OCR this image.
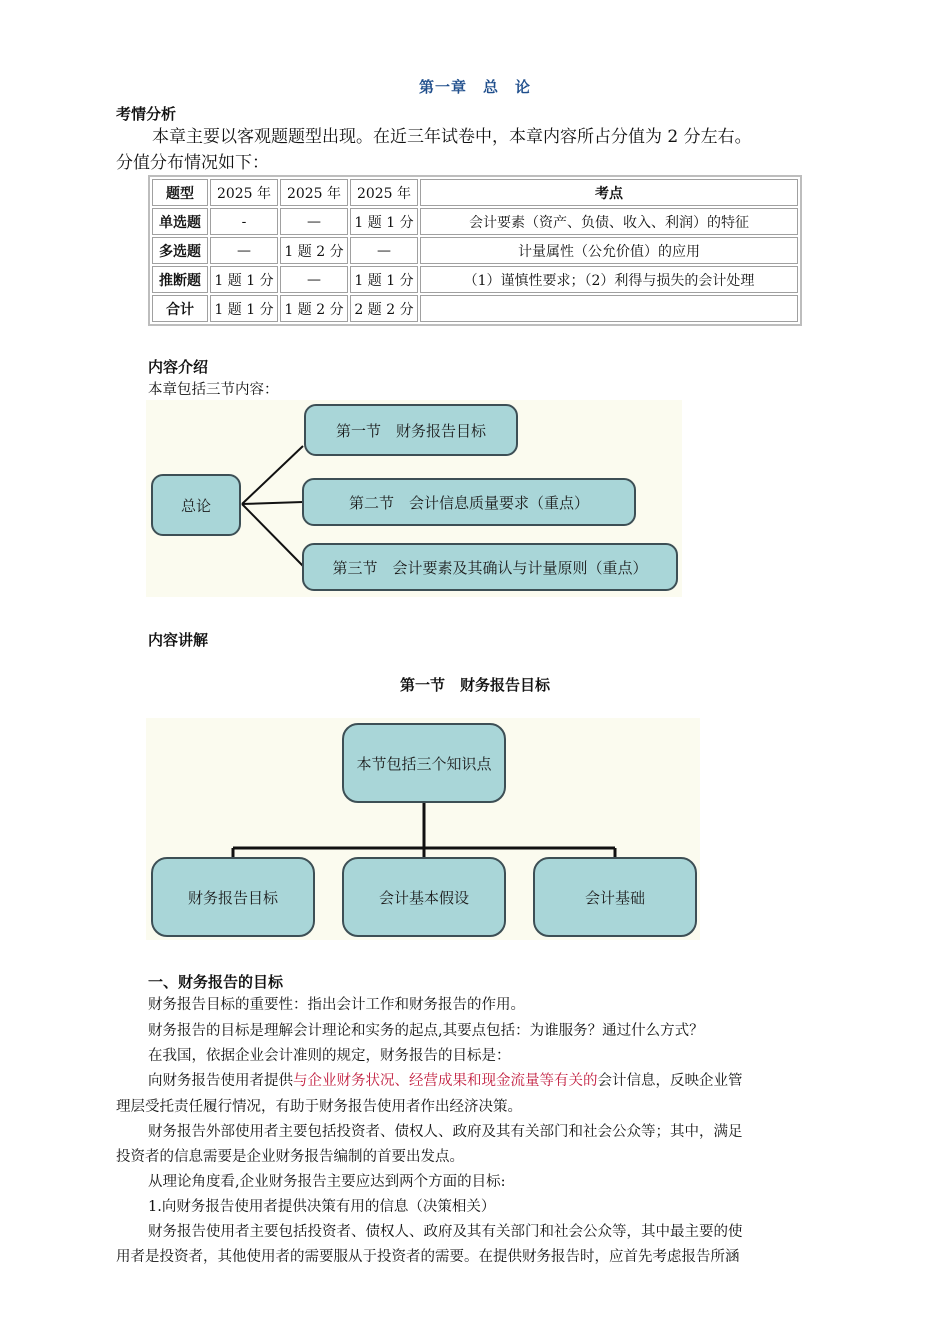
第一章　总　论
考情分析
本章主要以客观题题型出现。在近三年试卷中，本章内容所占分值为 2 分左右。
分值分布情况如下：
题型	2025 年	2025 年	2025 年	考点
单选题	-	—	1 题 1 分	会计要素（资产、负债、收入、利润）的特征
多选题	—	1 题 2 分	—	计量属性（公允价值）的应用
推断题	1 题 1 分	—	1 题 1 分	（1）谨慎性要求；（2）利得与损失的会计处理
合计	1 题 1 分	1 题 2 分	2 题 2 分	
内容介绍
本章包括三节内容：
总论
第一节　财务报告目标
第二节　会计信息质量要求（重点）
第三节　会计要素及其确认与计量原则（重点）
内容讲解
第一节　财务报告目标
本节包括三个知识点
财务报告目标	会计基本假设	会计基础
一、财务报告的目标
财务报告目标的重要性：指出会计工作和财务报告的作用。
财务报告的目标是理解会计理论和实务的起点,其要点包括：为谁服务？通过什么方式？
在我国，依据企业会计准则的规定，财务报告的目标是：
向财务报告使用者提供与企业财务状况、经营成果和现金流量等有关的会计信息，反映企业管
理层受托责任履行情况，有助于财务报告使用者作出经济决策。
财务报告外部使用者主要包括投资者、债权人、政府及其有关部门和社会公众等；其中，满足
投资者的信息需要是企业财务报告编制的首要出发点。
从理论角度看,企业财务报告主要应达到两个方面的目标:
1.向财务报告使用者提供决策有用的信息（决策相关）
财务报告使用者主要包括投资者、债权人、政府及其有关部门和社会公众等，其中最主要的使
用者是投资者，其他使用者的需要服从于投资者的需要。在提供财务报告时，应首先考虑报告所涵
